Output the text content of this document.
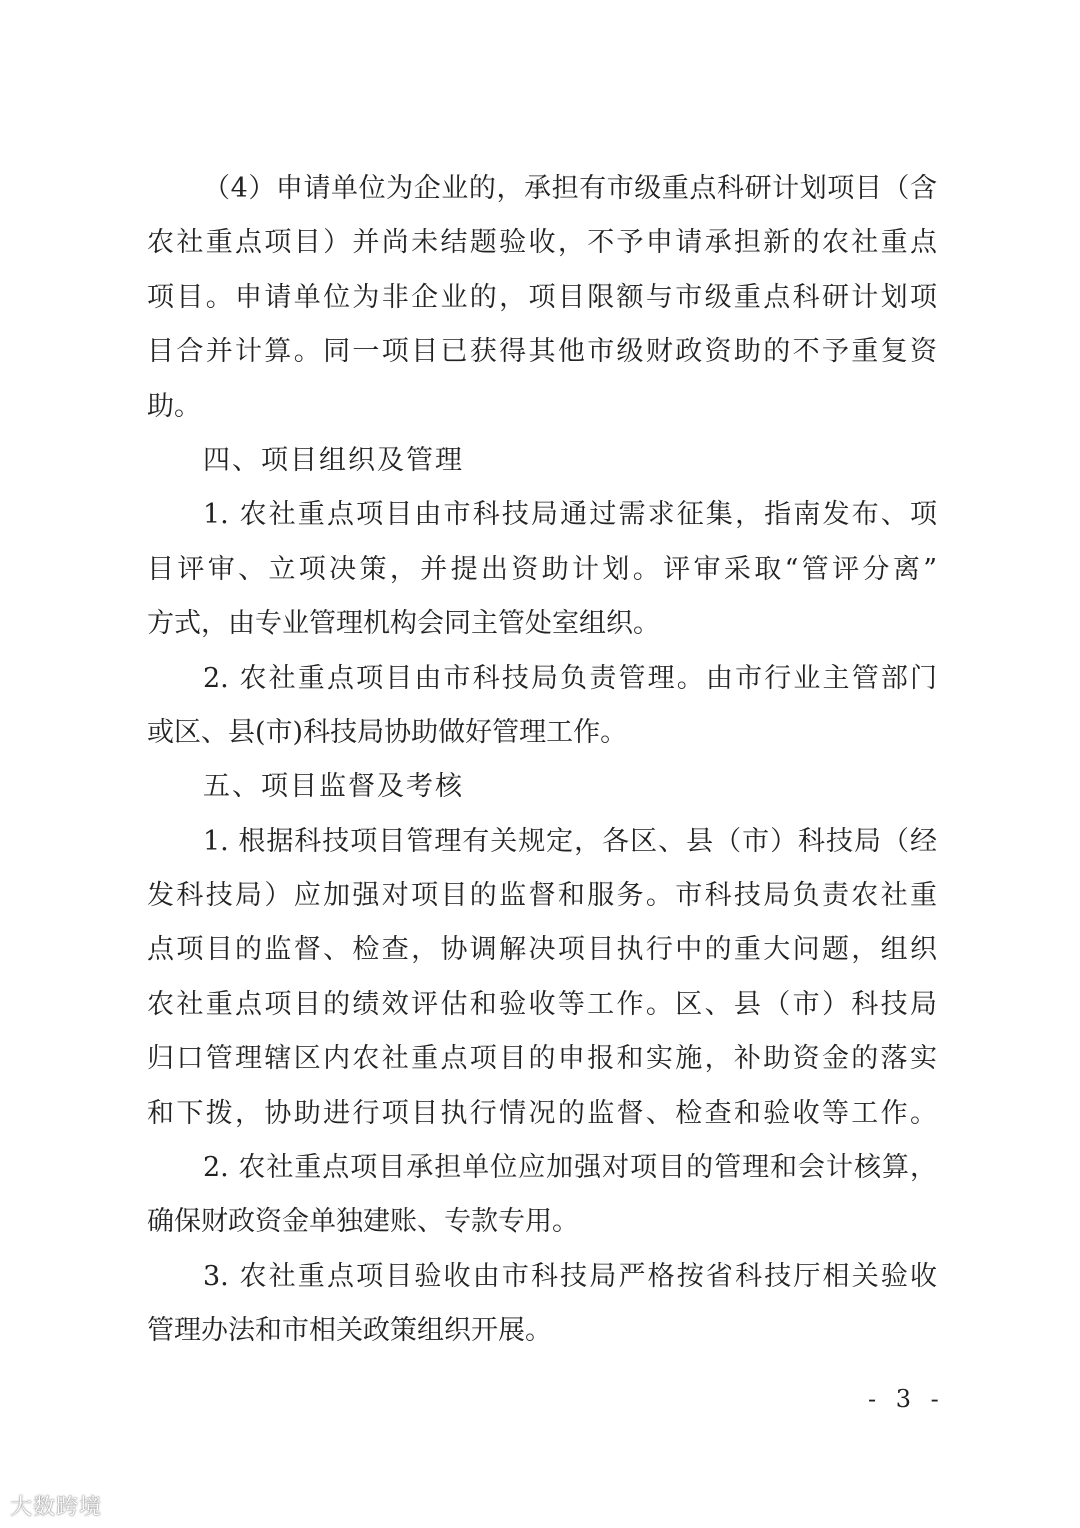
（4）申请单位为企业的，承担有市级重点科研计划项目（含
农社重点项目）并尚未结题验收，不予申请承担新的农社重点
项目。申请单位为非企业的，项目限额与市级重点科研计划项
目合并计算。同一项目已获得其他市级财政资助的不予重复资
助。
四、项目组织及管理
1. 农社重点项目由市科技局通过需求征集，指南发布、项
目评审、立项决策，并提出资助计划。评审采取“管评分离”
方式，由专业管理机构会同主管处室组织。
2. 农社重点项目由市科技局负责管理。由市行业主管部门
或区、县(市)科技局协助做好管理工作。
五、项目监督及考核
1. 根据科技项目管理有关规定，各区、县（市）科技局（经
发科技局）应加强对项目的监督和服务。市科技局负责农社重
点项目的监督、检查，协调解决项目执行中的重大问题，组织
农社重点项目的绩效评估和验收等工作。区、县（市）科技局
归口管理辖区内农社重点项目的申报和实施，补助资金的落实
和下拨，协助进行项目执行情况的监督、检查和验收等工作。
2. 农社重点项目承担单位应加强对项目的管理和会计核算，
确保财政资金单独建账、专款专用。
3. 农社重点项目验收由市科技局严格按省科技厅相关验收
管理办法和市相关政策组织开展。
- 3 -
大数跨境
